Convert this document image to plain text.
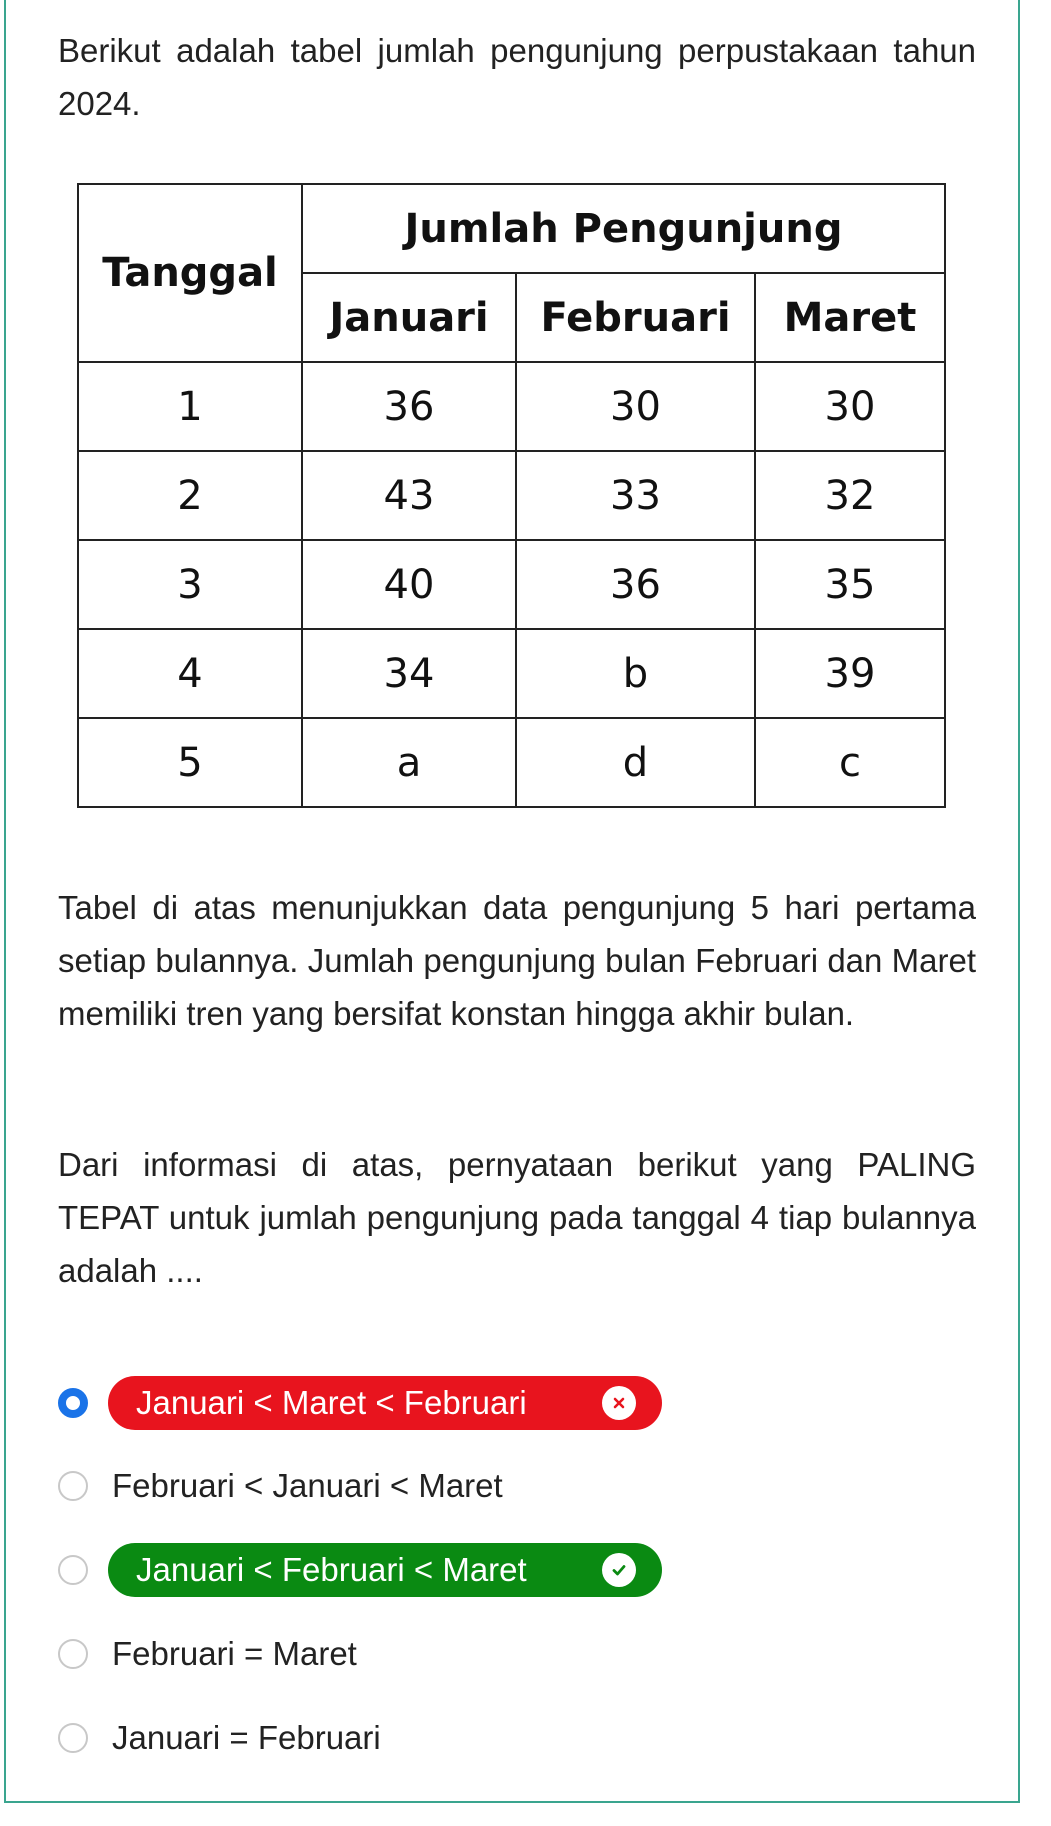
Berikut adalah tabel jumlah pengunjung perpustakaan tahun 2024.

Tanggal	Jumlah Pengunjung		
	Januari	Februari	Maret
1	36	30	30
2	43	33	32
3	40	36	35
4	34	b	39
5	a	d	c

Tabel di atas menunjukkan data pengunjung 5 hari pertama setiap bulannya. Jumlah pengunjung bulan Februari dan Maret memiliki tren yang bersifat konstan hingga akhir bulan.

Dari informasi di atas, pernyataan berikut yang PALING TEPAT untuk jumlah pengunjung pada tanggal 4 tiap bulannya adalah ....

Januari < Maret < Februari
Februari < Januari < Maret
Januari < Februari < Maret
Februari = Maret
Januari = Februari
